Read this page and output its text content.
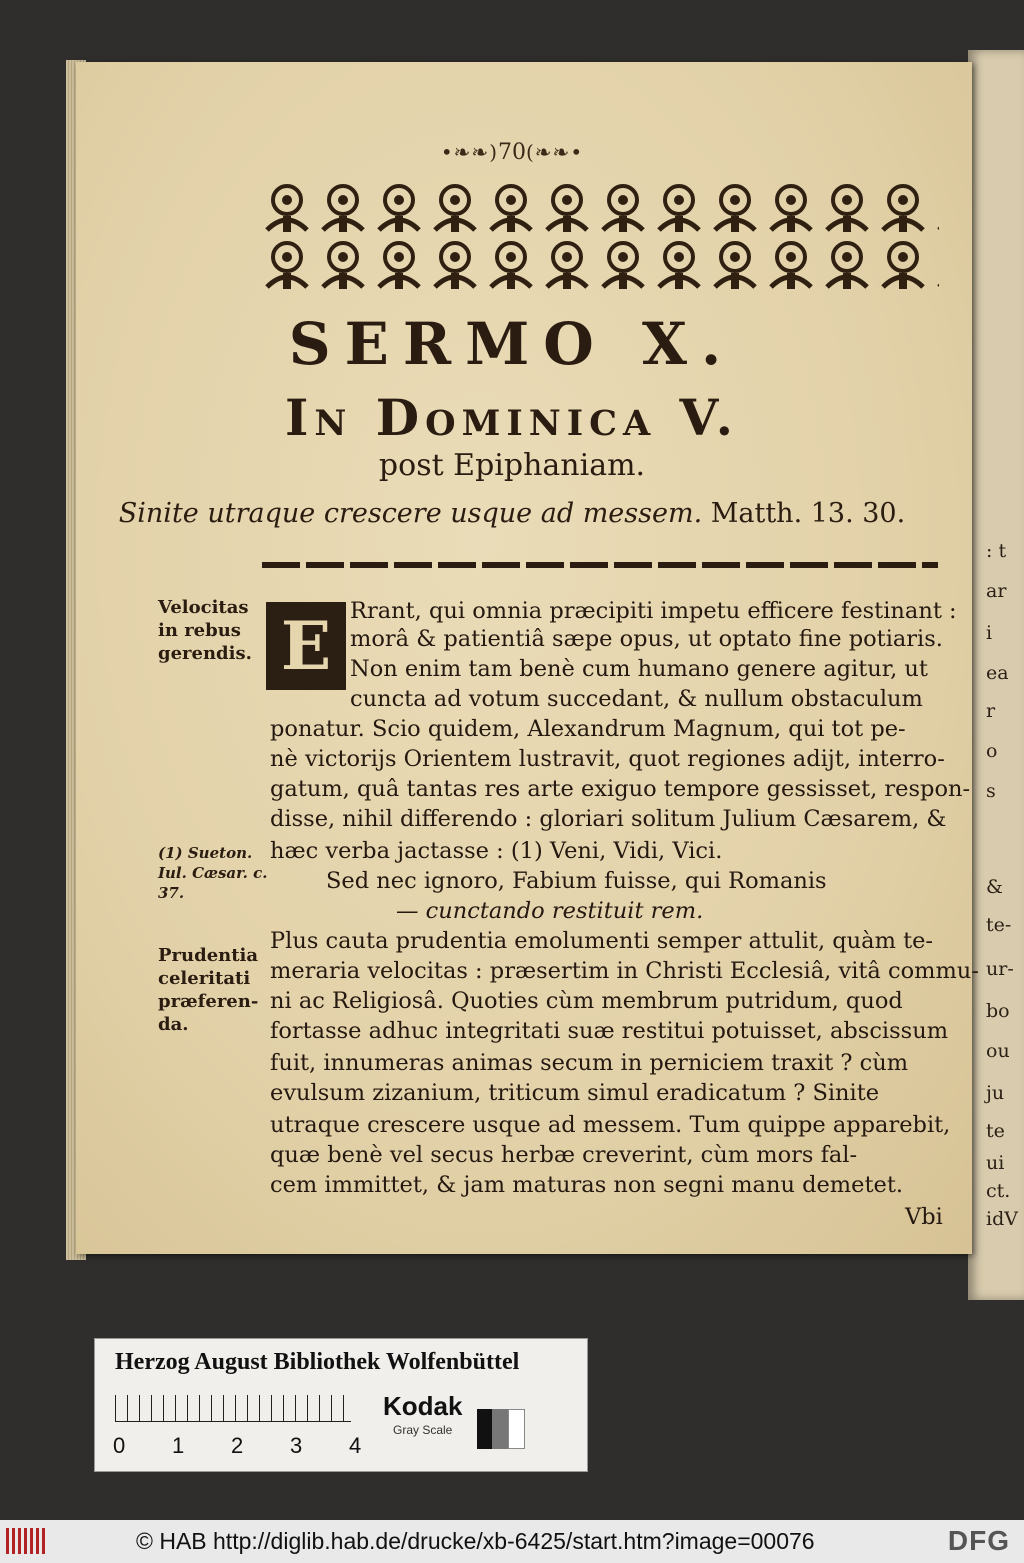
: t
ar
i
ea
r
o
s
&
te-
ur-
bo
ou
ju
te
ui
ct.
idV
•❧❧)70(❧❧•
SERMO X.
In Dominica V.
post Epiphaniam.
Sinite utraque crescere usque ad messem. Matth. 13. 30.
Velocitas
in rebus
gerendis.
(1) Sueton.
Iul. Cæsar. c.
37.
Prudentia
celeritati
præferen-
da.
E Rrant, qui omnia præcipiti impetu efficere festinant :
morâ & patientiâ sæpe opus, ut optato fine potiaris.
Non enim tam benè cum humano genere agitur, ut
cuncta ad votum succedant, & nullum obstaculum
ponatur. Scio quidem, Alexandrum Magnum, qui tot pe-
nè victorijs Orientem lustravit, quot regiones adijt, interro-
gatum, quâ tantas res arte exiguo tempore gessisset, respon-
disse, nihil differendo : gloriari solitum Julium Cæsarem, &
hæc verba jactasse : (1) Veni, Vidi, Vici.
Sed nec ignoro, Fabium fuisse, qui Romanis
— cunctando restituit rem.
Plus cauta prudentia emolumenti semper attulit, quàm te-
meraria velocitas : præsertim in Christi Ecclesiâ, vitâ commu-
ni ac Religiosâ. Quoties cùm membrum putridum, quod
fortasse adhuc integritati suæ restitui potuisset, abscissum
fuit, innumeras animas secum in perniciem traxit ? cùm
evulsum zizanium, triticum simul eradicatum ? Sinite
utraque crescere usque ad messem. Tum quippe apparebit,
quæ benè vel secus herbæ creverint, cùm mors fal-
cem immittet, & jam maturas non segni manu demetet.
Vbi
Herzog August Bibliothek Wolfenbüttel
0 1 2 3 4
Kodak
Gray Scale
© HAB http://diglib.hab.de/drucke/xb-6425/start.htm?image=00076	DFG
